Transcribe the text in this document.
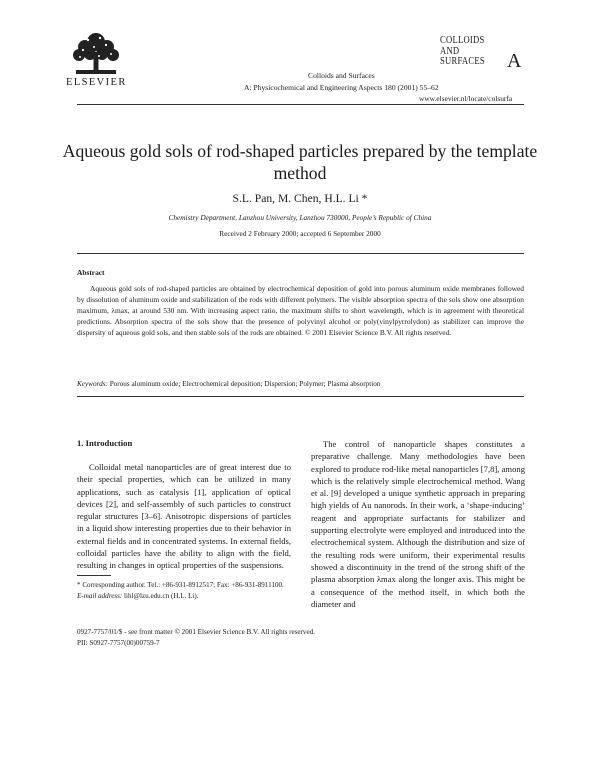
ELSEVIER
Colloids and Surfaces
A: Physicochemical and Engineering Aspects 180 (2001) 55–62
COLLOIDS
AND
SURFACES A
www.elsevier.nl/locate/colsurfa
Aqueous gold sols of rod-shaped particles prepared by the template method
S.L. Pan, M. Chen, H.L. Li *
Chemistry Department, Lanzhou University, Lanzhou 730000, People’s Republic of China
Received 2 February 2000; accepted 6 September 2000
Abstract
Aqueous gold sols of rod-shaped particles are obtained by electrochemical deposition of gold into porous aluminum oxide membranes followed by dissolution of aluminum oxide and stabilization of the rods with different polymers. The visible absorption spectra of the sols show one absorption maximum, λmax, at around 530 nm. With increasing aspect ratio, the maximum shifts to short wavelength, which is in agreement with theoretical predictions. Absorption spectra of the sols show that the presence of polyvinyl alcohol or poly(vinylpyrrolydon) as stabilizer can improve the dispersity of aqueous gold sols, and then stable sols of the rods are obtained. © 2001 Elsevier Science B.V. All rights reserved.
Keywords: Porous aluminum oxide; Electrochemical deposition; Dispersion; Polymer; Plasma absorption
1. Introduction

Colloidal metal nanoparticles are of great interest due to their special properties, which can be utilized in many applications, such as catalysis [1], application of optical devices [2], and self-assembly of such particles to construct regular structures [3–6]. Anisotropic dispersions of particles in a liquid show interesting properties due to their behavior in external fields and in concentrated systems. In external fields, colloidal particles have the ability to align with the field, resulting in changes in optical properties of the suspensions.

The control of nanoparticle shapes constitutes a preparative challenge. Many methodologies have been explored to produce rod-like metal nanoparticles [7,8], among which is the relatively simple electrochemical method. Wang et al. [9] developed a unique synthetic approach in preparing high yields of Au nanorods. In their work, a ‘shape-inducing’ reagent and appropriate surfactants for stabilizer and supporting electrolyte were employed and introduced into the electrochemical system. Although the distribution and size of the resulting rods were uniform, their experimental results showed a discontinuity in the trend of the strong shift of the plasma absorption λmax along the longer axis. This might be a consequence of the method itself, in which both the diameter and

* Corresponding author. Tel.: +86-931-8912517; Fax: +86-931-8911100.
E-mail address: lihl@lzu.edu.cn (H.L. Li).
0927-7757/01/$ - see front matter © 2001 Elsevier Science B.V. All rights reserved.
PII: S0927-7757(00)00759-7
